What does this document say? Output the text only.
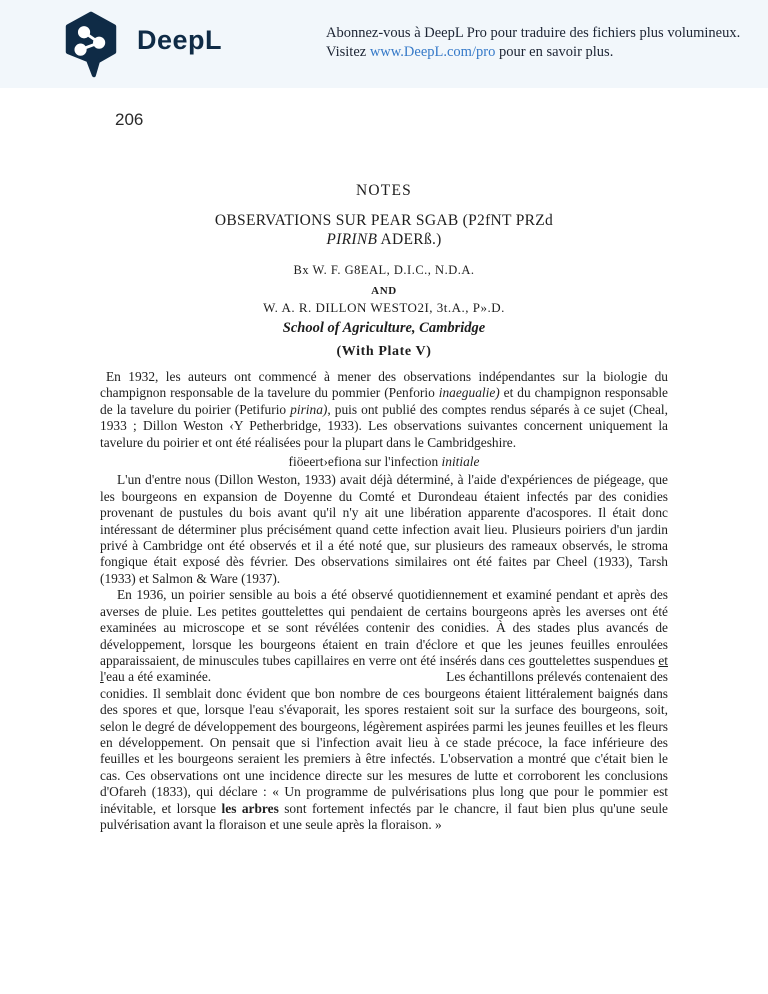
DeepL	Abonnez-vous à DeepL Pro pour traduire des fichiers plus volumineux.
Visitez www.DeepL.com/pro pour en savoir plus.
206
NOTES
OBSERVATIONS SUR PEAR SGAB (P2fNT PRZd
PIRINB ADERß.)
Bx W. F. G8EAL, D.I.C., N.D.A.
AND
W. A. R. DILLON WESTO2I, 3t.A., P».D.
School of Agriculture, Cambridge
(With Plate V)

En 1932, les auteurs ont commencé à mener des observations indépendantes sur la biologie du champignon responsable de la tavelure du pommier (Penforio inaegualie) et du champignon responsable de la tavelure du poirier (Petifurio pirina), puis ont publié des comptes rendus séparés à ce sujet (Cheal, 1933 ; Dillon Weston ‹Y Petherbridge, 1933). Les observations suivantes concernent uniquement la tavelure du poirier et ont été réalisées pour la plupart dans le Cambridgeshire.

fiöeert›efiona sur l'infection initiale

L'un d'entre nous (Dillon Weston, 1933) avait déjà déterminé, à l'aide d'expériences de piégeage, que les bourgeons en expansion de Doyenne du Comté et Durondeau étaient infectés par des conidies provenant de pustules du bois avant qu'il n'y ait une libération apparente d'acospores. Il était donc intéressant de déterminer plus précisément quand cette infection avait lieu. Plusieurs poiriers d'un jardin privé à Cambridge ont été observés et il a été noté que, sur plusieurs des rameaux observés, le stroma fongique était exposé dès février. Des observations similaires ont été faites par Cheel (1933), Tarsh (1933) et Salmon & Ware (1937).

En 1936, un poirier sensible au bois a été observé quotidiennement et examiné pendant et après des averses de pluie. Les petites gouttelettes qui pendaient de certains bourgeons après les averses ont été examinées au microscope et se sont révélées contenir des conidies. À des stades plus avancés de développement, lorsque les bourgeons étaient en train d'éclore et que les jeunes feuilles enroulées apparaissaient, de minuscules tubes capillaires en verre ont été insérés dans ces gouttelettes suspendues et l'eau a été examinée.	Les échantillons prélevés contenaient des conidies. Il semblait donc évident que bon nombre de ces bourgeons étaient littéralement baignés dans des spores et que, lorsque l'eau s'évaporait, les spores restaient soit sur la surface des bourgeons, soit, selon le degré de développement des bourgeons, légèrement aspirées parmi les jeunes feuilles et les fleurs en développement. On pensait que si l'infection avait lieu à ce stade précoce, la face inférieure des feuilles et les bourgeons seraient les premiers à être infectés. L'observation a montré que c'était bien le cas. Ces observations ont une incidence directe sur les mesures de lutte et corroborent les conclusions d'Ofareh (1833), qui déclare : « Un programme de pulvérisations plus long que pour le pommier est inévitable, et lorsque les arbres sont fortement infectés par le chancre, il faut bien plus qu'une seule pulvérisation avant la floraison et une seule après la floraison. »
